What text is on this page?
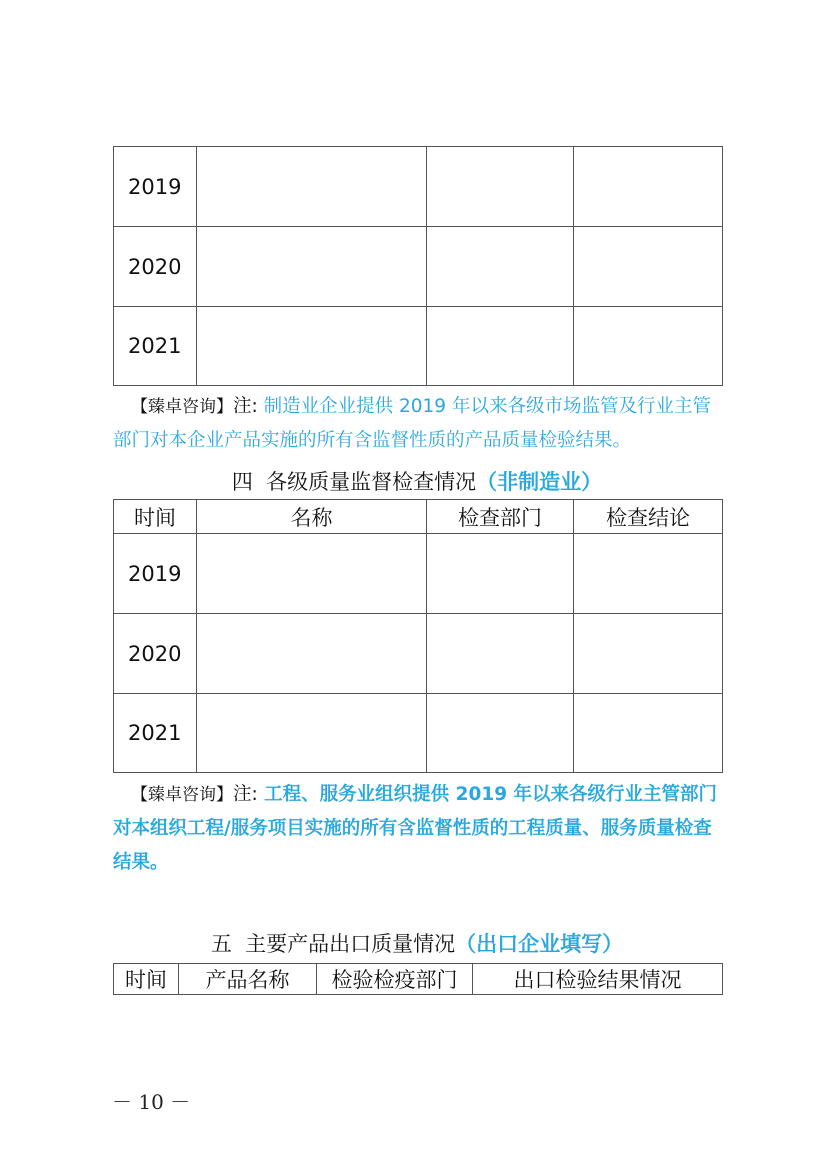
2019			
2020			
2021			
【臻卓咨询】注: 制造业企业提供 2019 年以来各级市场监管及行业主管部门对本企业产品实施的所有含监督性质的产品质量检验结果。
四 各级质量监督检查情况（非制造业）
时间	名称	检查部门	检查结论
2019			
2020			
2021			
【臻卓咨询】注: 工程、服务业组织提供 2019 年以来各级行业主管部门对本组织工程/服务项目实施的所有含监督性质的工程质量、服务质量检查结果。
五 主要产品出口质量情况（出口企业填写）
时间	产品名称	检验检疫部门	出口检验结果情况
－ 10 －
